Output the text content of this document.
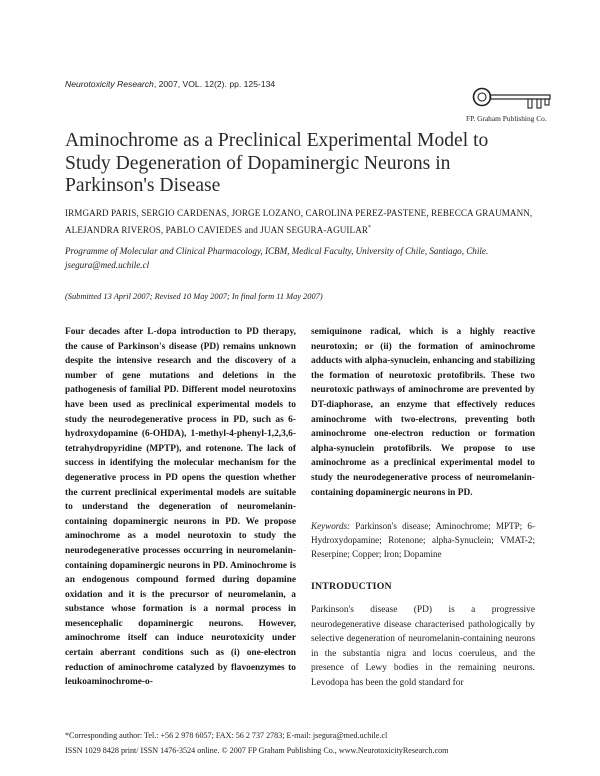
Neurotoxicity Research, 2007, VOL. 12(2). pp. 125-134
FP. Graham Publishing Co.
Aminochrome as a Preclinical Experimental Model to Study Degeneration of Dopaminergic Neurons in Parkinson's Disease
IRMGARD PARIS, SERGIO CARDENAS, JORGE LOZANO, CAROLINA PEREZ-PASTENE, REBECCA GRAUMANN, ALEJANDRA RIVEROS, PABLO CAVIEDES and JUAN SEGURA-AGUILAR*
Programme of Molecular and Clinical Pharmacology, ICBM, Medical Faculty, University of Chile, Santiago, Chile. jsegura@med.uchile.cl
(Submitted 13 April 2007; Revised 10 May 2007; In final form 11 May 2007)
Four decades after L-dopa introduction to PD therapy, the cause of Parkinson's disease (PD) remains unknown despite the intensive research and the discovery of a number of gene mutations and deletions in the pathogenesis of familial PD. Different model neurotoxins have been used as preclinical experimental models to study the neurodegenerative process in PD, such as 6-hydroxydopamine (6-OHDA), 1-methyl-4-phenyl-1,2,3,6-tetrahydropyridine (MPTP), and rotenone. The lack of success in identifying the molecular mechanism for the degenerative process in PD opens the question whether the current preclinical experimental models are suitable to understand the degeneration of neuromelanin-containing dopaminergic neurons in PD. We propose aminochrome as a model neurotoxin to study the neurodegenerative processes occurring in neuromelanin-containing dopaminergic neurons in PD. Aminochrome is an endogenous compound formed during dopamine oxidation and it is the precursor of neuromelanin, a substance whose formation is a normal process in mesencephalic dopaminergic neurons. However, aminochrome itself can induce neurotoxicity under certain aberrant conditions such as (i) one-electron reduction of aminochrome catalyzed by flavoenzymes to leukoaminochrome-o-
semiquinone radical, which is a highly reactive neurotoxin; or (ii) the formation of aminochrome adducts with alpha-synuclein, enhancing and stabilizing the formation of neurotoxic protofibrils. These two neurotoxic pathways of aminochrome are prevented by DT-diaphorase, an enzyme that effectively reduces aminochrome with two-electrons, preventing both aminochrome one-electron reduction or formation alpha-synuclein protofibrils. We propose to use aminochrome as a preclinical experimental model to study the neurodegenerative process of neuromelanin-containing dopaminergic neurons in PD.
Keywords: Parkinson's disease; Aminochrome; MPTP; 6-Hydroxydopamine; Rotenone; alpha-Synuclein; VMAT-2; Reserpine; Copper; Iron; Dopamine
INTRODUCTION
Parkinson's disease (PD) is a progressive neurodegenerative disease characterised pathologically by selective degeneration of neuromelanin-containing neurons in the substantia nigra and locus coeruleus, and the presence of Lewy bodies in the remaining neurons. Levodopa has been the gold standard for
*Corresponding author: Tel.: +56 2 978 6057; FAX: 56 2 737 2783; E-mail: jsegura@med.uchile.cl
ISSN 1029 8428 print/ ISSN 1476-3524 online. © 2007 FP Graham Publishing Co., www.NeurotoxicityResearch.com
